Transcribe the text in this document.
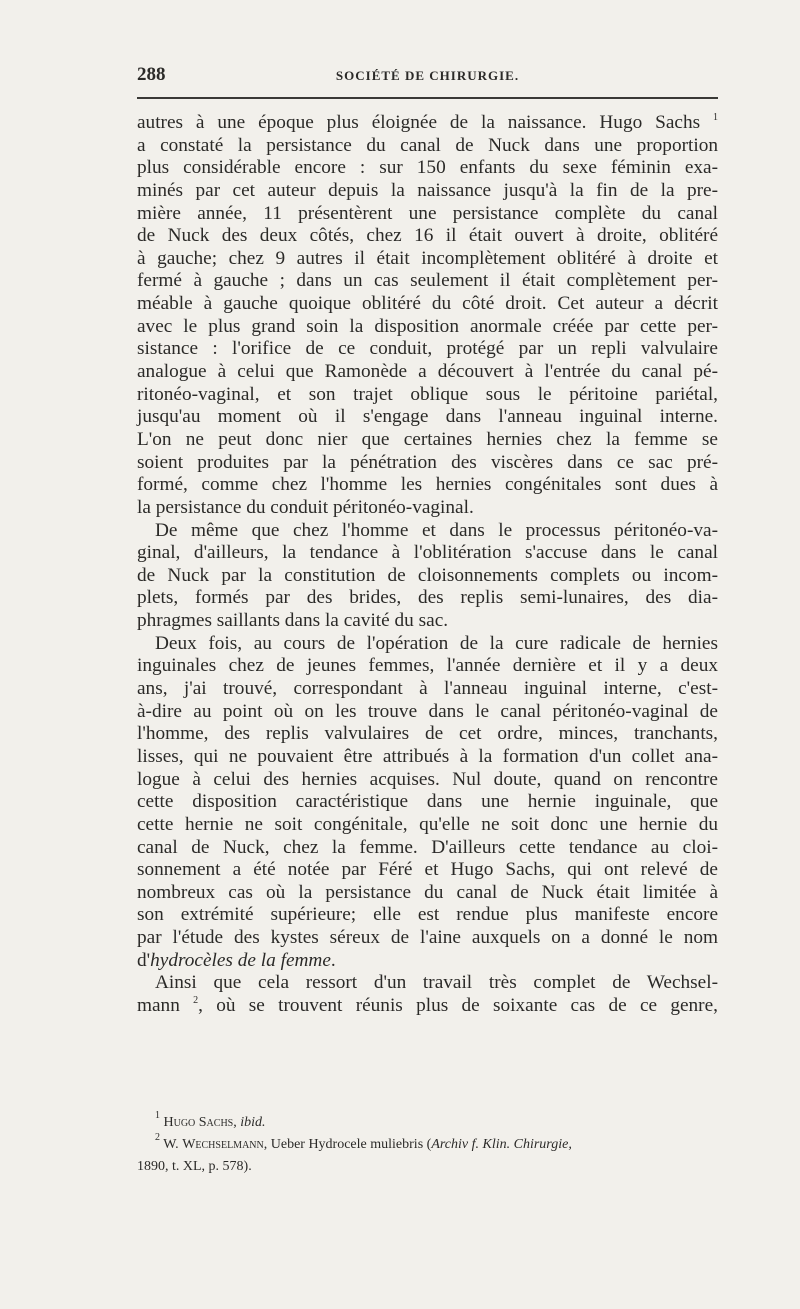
288	SOCIÉTÉ DE CHIRURGIE.
autres à une époque plus éloignée de la naissance. Hugo Sachs $^1$
a constaté la persistance du canal de Nuck dans une proportion
plus considérable encore : sur 150 enfants du sexe féminin exa-
minés par cet auteur depuis la naissance jusqu'à la fin de la pre-
mière année, 11 présentèrent une persistance complète du canal
de Nuck des deux côtés, chez 16 il était ouvert à droite, oblitéré
à gauche; chez 9 autres il était incomplètement oblitéré à droite et
fermé à gauche ; dans un cas seulement il était complètement per-
méable à gauche quoique oblitéré du côté droit. Cet auteur a décrit
avec le plus grand soin la disposition anormale créée par cette per-
sistance : l'orifice de ce conduit, protégé par un repli valvulaire
analogue à celui que Ramonède a découvert à l'entrée du canal pé-
ritonéo-vaginal, et son trajet oblique sous le péritoine pariétal,
jusqu'au moment où il s'engage dans l'anneau inguinal interne.
L'on ne peut donc nier que certaines hernies chez la femme se
soient produites par la pénétration des viscères dans ce sac pré-
formé, comme chez l'homme les hernies congénitales sont dues à
la persistance du conduit péritonéo-vaginal.
De même que chez l'homme et dans le processus péritonéo-va-
ginal, d'ailleurs, la tendance à l'oblitération s'accuse dans le canal
de Nuck par la constitution de cloisonnements complets ou incom-
plets, formés par des brides, des replis semi-lunaires, des dia-
phragmes saillants dans la cavité du sac.
Deux fois, au cours de l'opération de la cure radicale de hernies
inguinales chez de jeunes femmes, l'année dernière et il y a deux
ans, j'ai trouvé, correspondant à l'anneau inguinal interne, c'est-
à-dire au point où on les trouve dans le canal péritonéo-vaginal de
l'homme, des replis valvulaires de cet ordre, minces, tranchants,
lisses, qui ne pouvaient être attribués à la formation d'un collet ana-
logue à celui des hernies acquises. Nul doute, quand on rencontre
cette disposition caractéristique dans une hernie inguinale, que
cette hernie ne soit congénitale, qu'elle ne soit donc une hernie du
canal de Nuck, chez la femme. D'ailleurs cette tendance au cloi-
sonnement a été notée par Féré et Hugo Sachs, qui ont relevé de
nombreux cas où la persistance du canal de Nuck était limitée à
son extrémité supérieure; elle est rendue plus manifeste encore
par l'étude des kystes séreux de l'aine auxquels on a donné le nom
d'hydrocèles de la femme.
Ainsi que cela ressort d'un travail très complet de Wechsel-
mann $^2$, où se trouvent réunis plus de soixante cas de ce genre,
$^1$ Hugo Sachs, ibid.
$^2$ W. Wechselmann, Ueber Hydrocele muliebris (Archiv f. Klin. Chirurgie,
1890, t. XL, p. 578).
